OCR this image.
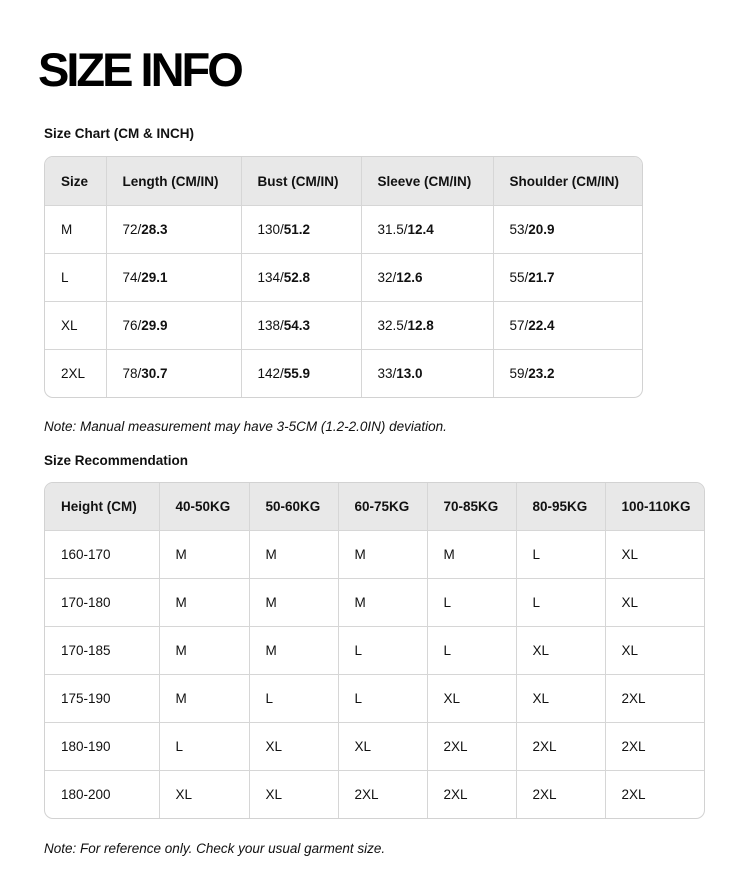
SIZE INFO
Size Chart (CM & INCH)
Size	Length (CM/IN)	Bust (CM/IN)	Sleeve (CM/IN)	Shoulder (CM/IN)
M	72/28.3	130/51.2	31.5/12.4	53/20.9
L	74/29.1	134/52.8	32/12.6	55/21.7
XL	76/29.9	138/54.3	32.5/12.8	57/22.4
2XL	78/30.7	142/55.9	33/13.0	59/23.2
Note: Manual measurement may have 3-5CM (1.2-2.0IN) deviation.
Size Recommendation
Height (CM)	40-50KG	50-60KG	60-75KG	70-85KG	80-95KG	100-110KG
160-170	M	M	M	M	L	XL
170-180	M	M	M	L	L	XL
170-185	M	M	L	L	XL	XL
175-190	M	L	L	XL	XL	2XL
180-190	L	XL	XL	2XL	2XL	2XL
180-200	XL	XL	2XL	2XL	2XL	2XL
Note: For reference only. Check your usual garment size.
